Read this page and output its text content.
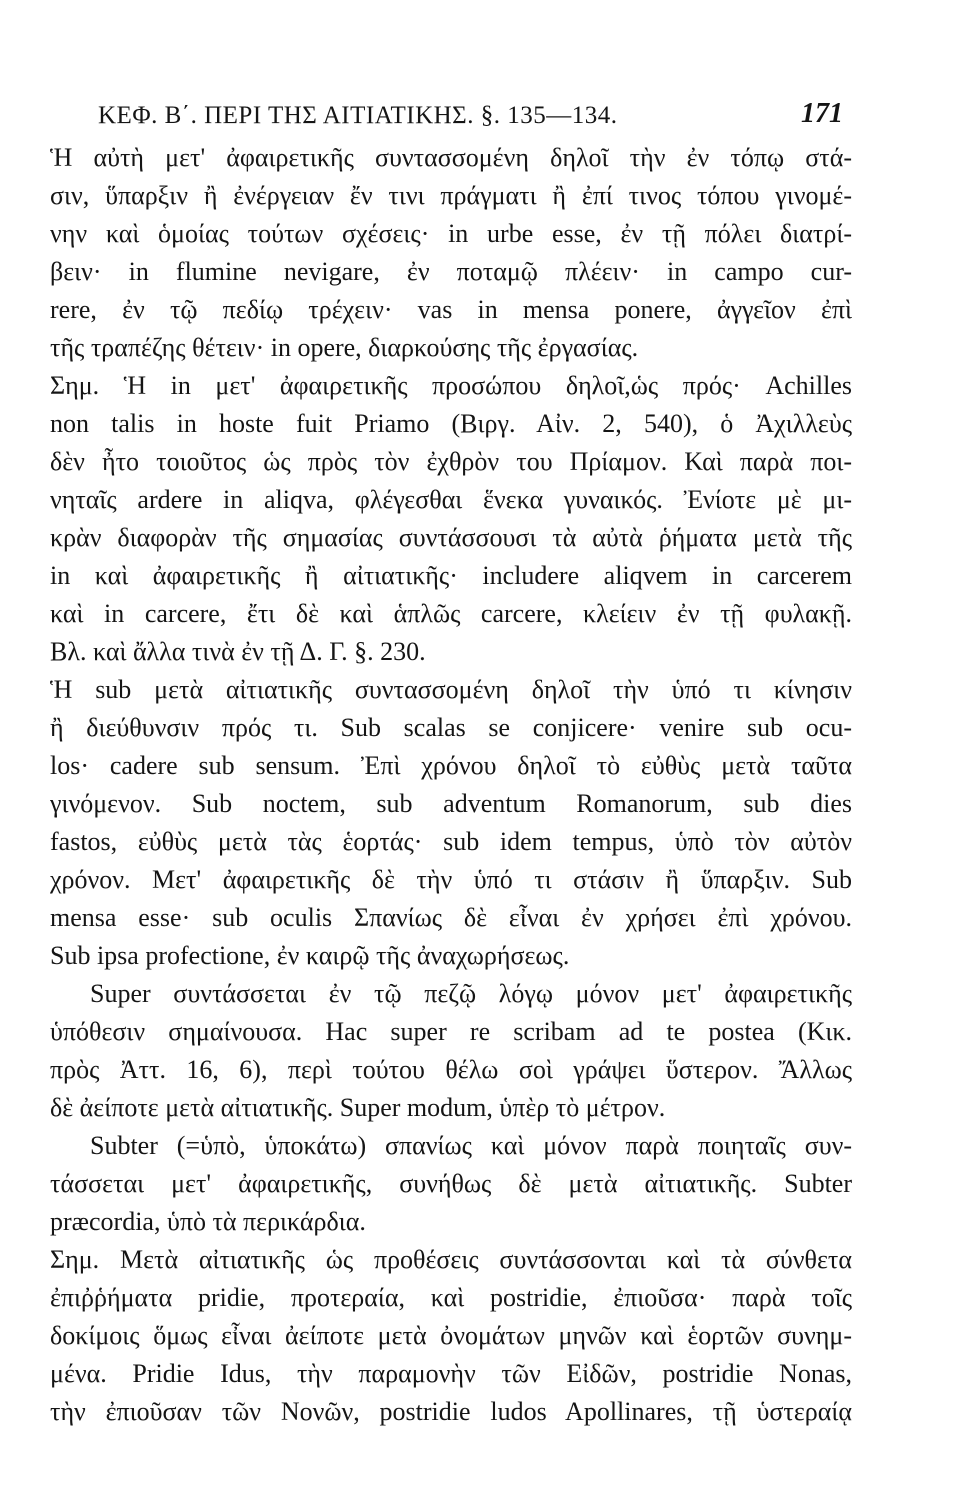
ΚΕΦ. Β΄. ΠΕΡΙ ΤΗΣ ΑΙΤΙΑΤΙΚΗΣ. §. 135—134.	171
Ἡ αὐτὴ μετ' ἀφαιρετικῆς συντασσομένη δηλοῖ τὴν ἐν τόπῳ στά-
σιν, ὕπαρξιν ἢ ἐνέργειαν ἔν τινι πράγματι ἢ ἐπί τινος τόπου γινομέ-
νην καὶ ὁμοίας τούτων σχέσεις· in urbe esse, ἐν τῇ πόλει διατρί-
βειν· in flumine nevigare, ἐν ποταμῷ πλέειν· in campo cur-
rere, ἐν τῷ πεδίῳ τρέχειν· vas in mensa ponere, ἀγγεῖον ἐπὶ
τῆς τραπέζης θέτειν· in opere, διαρκούσης τῆς ἐργασίας.
Σημ. Ἡ in μετ' ἀφαιρετικῆς προσώπου δηλοῖ,ὡς πρός· Achilles
non talis in hoste fuit Priamo (Βιργ. Αἰν. 2, 540), ὁ Ἀχιλλεὺς
δὲν ἦτο τοιοῦτος ὡς πρὸς τὸν ἐχθρὸν του Πρίαμον. Καὶ παρὰ ποι-
νηταῖς ardere in aliqva, φλέγεσθαι ἕνεκα γυναικός. Ἐνίοτε μὲ μι-
κρὰν διαφορὰν τῆς σημασίας συντάσσουσι τὰ αὐτὰ ῥήματα μετὰ τῆς
in καὶ ἀφαιρετικῆς ἢ αἰτιατικῆς· includere aliqvem in carcerem
καὶ in carcere, ἔτι δὲ καὶ ἁπλῶς carcere, κλείειν ἐν τῇ φυλακῇ.
Βλ. καὶ ἄλλα τινὰ ἐν τῇ Δ. Γ. §. 230.
Ἡ sub μετὰ αἰτιατικῆς συντασσομένη δηλοῖ τὴν ὑπό τι κίνησιν
ἢ διεύθυνσιν πρός τι. Sub scalas se conjicere· venire sub ocu-
los· cadere sub sensum. Ἐπὶ χρόνου δηλοῖ τὸ εὐθὺς μετὰ ταῦτα
γινόμενον. Sub noctem, sub adventum Romanorum, sub dies
fastos, εὐθὺς μετὰ τὰς ἑορτάς· sub idem tempus, ὑπὸ τὸν αὐτὸν
χρόνον. Μετ' ἀφαιρετικῆς δὲ τὴν ὑπό τι στάσιν ἢ ὕπαρξιν. Sub
mensa esse· sub oculis Σπανίως δὲ εἶναι ἐν χρήσει ἐπὶ χρόνου.
Sub ipsa profectione, ἐν καιρῷ τῆς ἀναχωρήσεως.
Super συντάσσεται ἐν τῷ πεζῷ λόγῳ μόνον μετ' ἀφαιρετικῆς
ὑπόθεσιν σημαίνουσα. Hac super re scribam ad te postea (Κικ.
πρὸς Ἀττ. 16, 6), περὶ τούτου θέλω σοὶ γράψει ὕστερον. Ἄλλως
δὲ ἀείποτε μετὰ αἰτιατικῆς. Super modum, ὑπὲρ τὸ μέτρον.
Subter (=ὑπὸ, ὑποκάτω) σπανίως καὶ μόνον παρὰ ποιηταῖς συν-
τάσσεται μετ' ἀφαιρετικῆς, συνήθως δὲ μετὰ αἰτιατικῆς. Subter
præcordia, ὑπὸ τὰ περικάρδια.
Σημ. Μετὰ αἰτιατικῆς ὡς προθέσεις συντάσσονται καὶ τὰ σύνθετα
ἐπιῤῥήματα pridie, προτεραία, καὶ postridie, ἐπιοῦσα· παρὰ τοῖς
δοκίμοις ὅμως εἶναι ἀείποτε μετὰ ὀνομάτων μηνῶν καὶ ἑορτῶν συνημ-
μένα. Pridie Idus, τὴν παραμονὴν τῶν Εἰδῶν, postridie Nonas,
τὴν ἐπιοῦσαν τῶν Νονῶν, postridie ludos Apollinares, τῇ ὑστεραίᾳ
